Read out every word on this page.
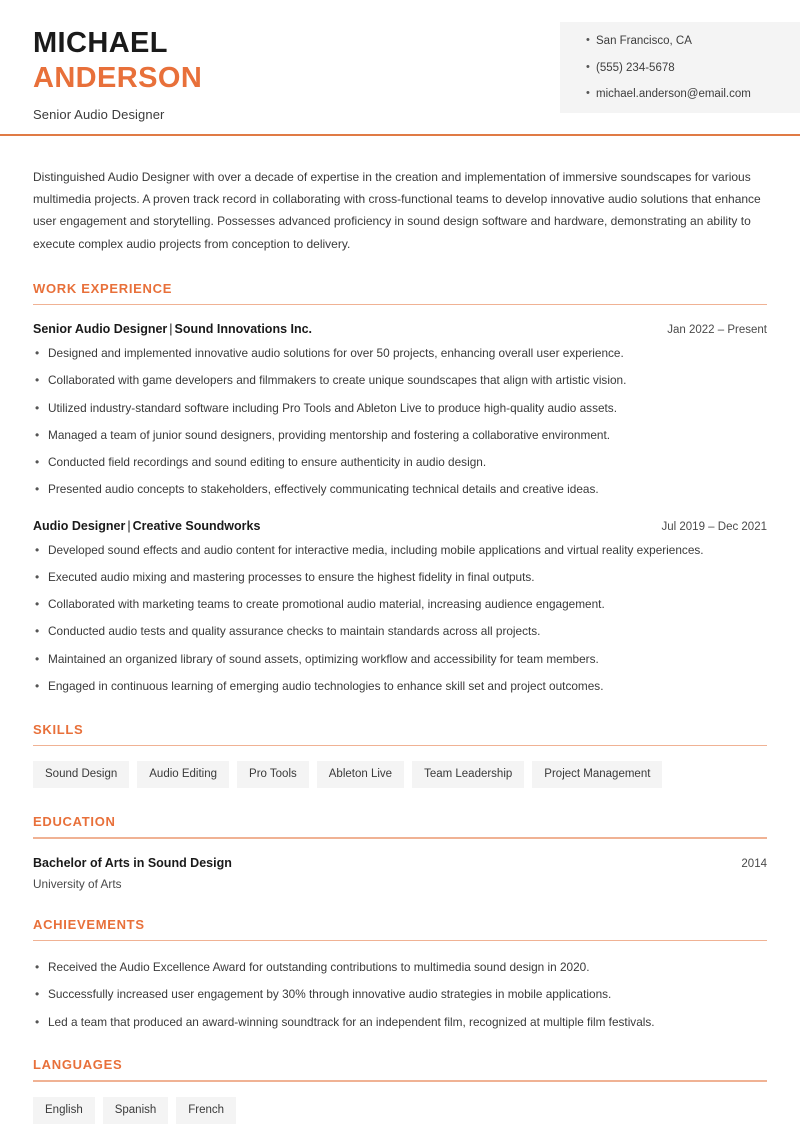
MICHAEL
ANDERSON
Senior Audio Designer
• San Francisco, CA
• (555) 234-5678
• michael.anderson@email.com

Distinguished Audio Designer with over a decade of expertise in the creation and implementation of immersive soundscapes for various multimedia projects. A proven track record in collaborating with cross-functional teams to develop innovative audio solutions that enhance user engagement and storytelling. Possesses advanced proficiency in sound design software and hardware, demonstrating an ability to execute complex audio projects from conception to delivery.

WORK EXPERIENCE
Senior Audio Designer | Sound Innovations Inc.	Jan 2022 – Present
• Designed and implemented innovative audio solutions for over 50 projects, enhancing overall user experience.
• Collaborated with game developers and filmmakers to create unique soundscapes that align with artistic vision.
• Utilized industry-standard software including Pro Tools and Ableton Live to produce high-quality audio assets.
• Managed a team of junior sound designers, providing mentorship and fostering a collaborative environment.
• Conducted field recordings and sound editing to ensure authenticity in audio design.
• Presented audio concepts to stakeholders, effectively communicating technical details and creative ideas.
Audio Designer | Creative Soundworks	Jul 2019 – Dec 2021
• Developed sound effects and audio content for interactive media, including mobile applications and virtual reality experiences.
• Executed audio mixing and mastering processes to ensure the highest fidelity in final outputs.
• Collaborated with marketing teams to create promotional audio material, increasing audience engagement.
• Conducted audio tests and quality assurance checks to maintain standards across all projects.
• Maintained an organized library of sound assets, optimizing workflow and accessibility for team members.
• Engaged in continuous learning of emerging audio technologies to enhance skill set and project outcomes.
SKILLS
Sound Design	Audio Editing	Pro Tools	Ableton Live	Team Leadership	Project Management
EDUCATION
Bachelor of Arts in Sound Design	2014
University of Arts
ACHIEVEMENTS
• Received the Audio Excellence Award for outstanding contributions to multimedia sound design in 2020.
• Successfully increased user engagement by 30% through innovative audio strategies in mobile applications.
• Led a team that produced an award-winning soundtrack for an independent film, recognized at multiple film festivals.
LANGUAGES
English	Spanish	French
